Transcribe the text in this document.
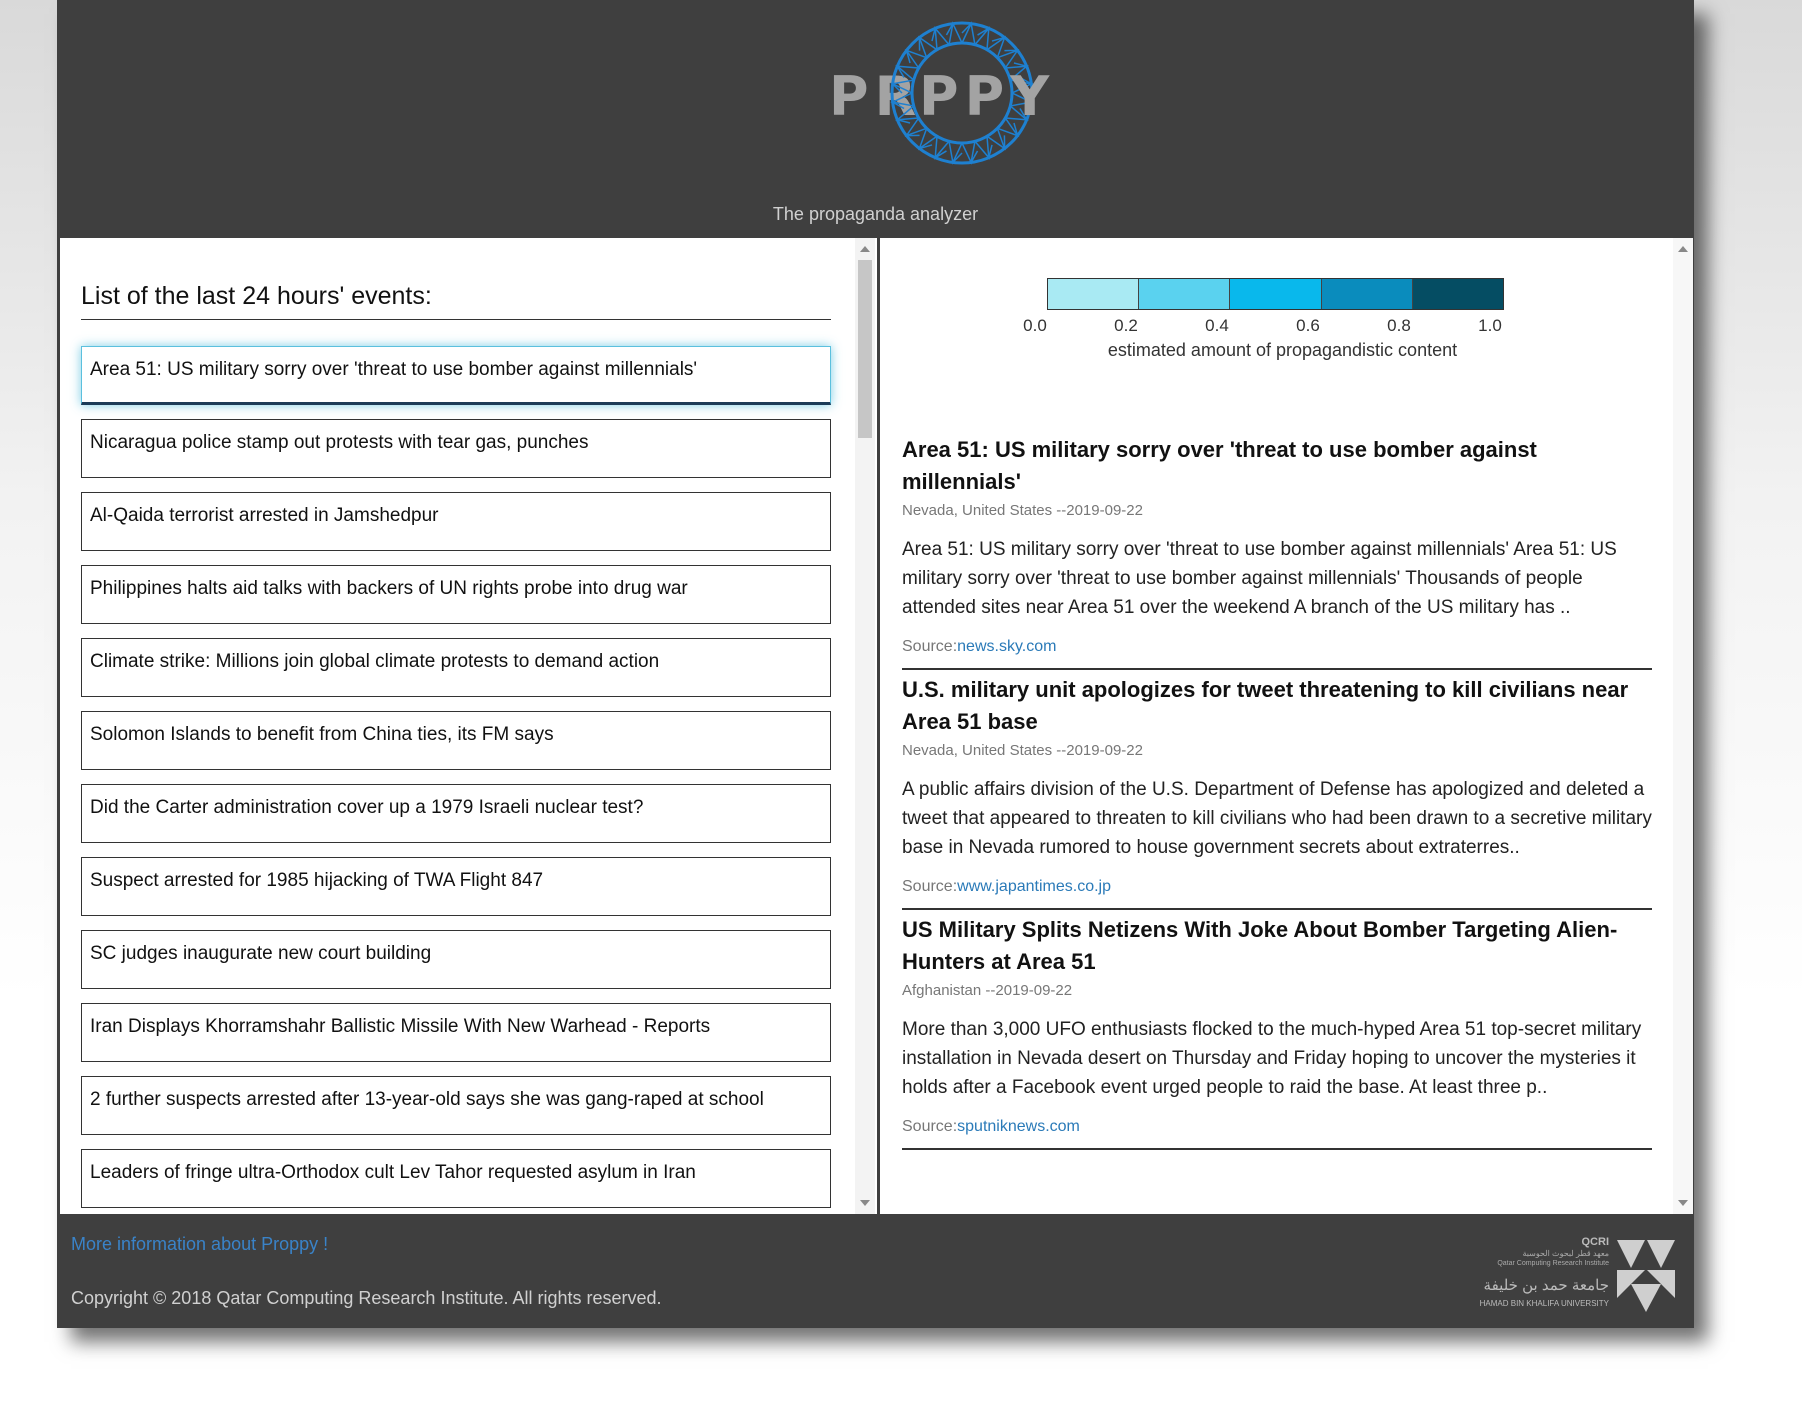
PR
PPY
The propaganda analyzer
List of the last 24 hours' events:
Area 51: US military sorry over 'threat to use bomber against millennials'
Nicaragua police stamp out protests with tear gas, punches
Al-Qaida terrorist arrested in Jamshedpur
Philippines halts aid talks with backers of UN rights probe into drug war
Climate strike: Millions join global climate protests to demand action
Solomon Islands to benefit from China ties, its FM says
Did the Carter administration cover up a 1979 Israeli nuclear test?
Suspect arrested for 1985 hijacking of TWA Flight 847
SC judges inaugurate new court building
Iran Displays Khorramshahr Ballistic Missile With New Warhead - Reports
2 further suspects arrested after 13-year-old says she was gang-raped at school
Leaders of fringe ultra-Orthodox cult Lev Tahor requested asylum in Iran
0.0	0.2	0.4	0.6	0.8	1.0
estimated amount of propagandistic content
Area 51: US military sorry over 'threat to use bomber against millennials'
Nevada, United States --2019-09-22
Area 51: US military sorry over 'threat to use bomber against millennials' Area 51: US military sorry over 'threat to use bomber against millennials' Thousands of people attended sites near Area 51 over the weekend A branch of the US military has ..
Source:news.sky.com
U.S. military unit apologizes for tweet threatening to kill civilians near Area 51 base
Nevada, United States --2019-09-22
A public affairs division of the U.S. Department of Defense has apologized and deleted a tweet that appeared to threaten to kill civilians who had been drawn to a secretive military base in Nevada rumored to house government secrets about extraterres..
Source:www.japantimes.co.jp
US Military Splits Netizens With Joke About Bomber Targeting Alien-Hunters at Area 51
Afghanistan --2019-09-22
More than 3,000 UFO enthusiasts flocked to the much-hyped Area 51 top-secret military installation in Nevada desert on Thursday and Friday hoping to uncover the mysteries it holds after a Facebook event urged people to raid the base. At least three p..
Source:sputniknews.com
More information about Proppy !
Copyright © 2018 Qatar Computing Research Institute. All rights reserved.
QCRI
معهد قطر لبحوث الحوسبة
Qatar Computing Research Institute
جامعة حمد بن خليفة
HAMAD BIN KHALIFA UNIVERSITY
